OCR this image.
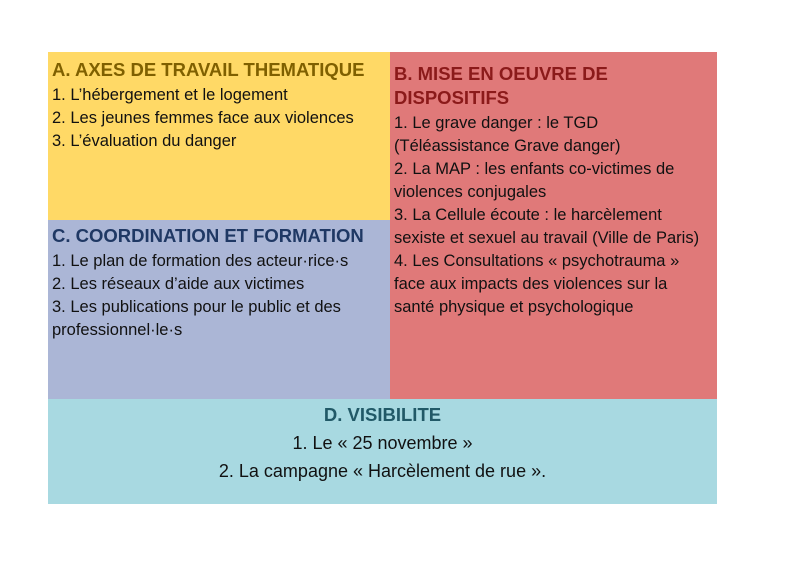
A. AXES DE TRAVAIL THEMATIQUE
1. L’hébergement et le logement
2. Les jeunes femmes face aux violences
3. L’évaluation du danger
B. MISE EN OEUVRE DE DISPOSITIFS
1. Le grave danger : le TGD (Téléassistance Grave danger)
2. La MAP : les enfants co-victimes de violences conjugales
3. La Cellule écoute : le harcèlement sexiste et sexuel au travail (Ville de Paris)
4. Les Consultations « psychotrauma » face aux impacts des violences sur la santé physique et psychologique
C. COORDINATION ET FORMATION
1. Le plan de formation des acteur·rice·s
2. Les réseaux d’aide aux victimes
3. Les publications pour le public et des professionnel·le·s
D. VISIBILITE
1. Le « 25 novembre »
2. La campagne « Harcèlement de rue ».
